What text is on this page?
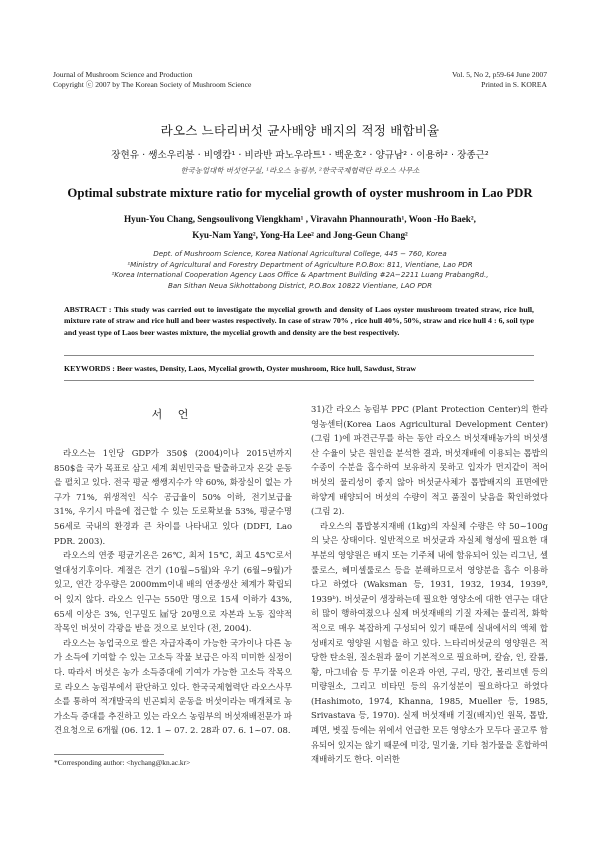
Journal of Mushroom Science and Production
Copyright ⓒ 2007 by The Korean Society of Mushroom Science
Vol. 5, No 2, p59-64 June 2007
Printed in S. KOREA
라오스 느타리버섯 균사배양 배지의 적정 배합비율
장현유 · 쌩소우리봉 · 비엥캄¹ · 비라반 파노우라트¹ · 백운호² · 양규남² · 이용하² · 장종근²
한국농업대학 버섯연구실, ¹라오스 농림부, ²한국국제협력단 라오스 사무소
Optimal substrate mixture ratio for mycelial growth of oyster mushroom in Lao PDR
Hyun-You Chang, Sengsoulivong Viengkham¹ , Viravahn Phannourath¹, Woon -Ho Baek²,
Kyu-Nam Yang², Yong-Ha Lee² and Jong-Geun Chang²
Dept. of Mushroom Science, Korea National Agricultural College, 445 − 760, Korea
¹Ministry of Agricultural and Forestry Department of Agriculture P.O.Box: 811, Vientiane, Lao PDR
²Korea International Cooperation Agency Laos Office & Apartment Building #2A−2211 Luang PrabangRd.,
Ban Sithan Neua Sikhottabong District, P.O.Box 10822 Vientiane, LAO PDR
ABSTRACT : This study was carried out to investigate the mycelial growth and density of Laos oyster mushroom treated straw, rice hull, mixture rate of straw and rice hull and beer wastes respectively. In case of straw 70% , rice hull 40%, 50%, straw and rice hull 4 : 6, soil type and yeast type of Laos beer wastes mixture, the mycelial growth and density are the best respectively.
KEYWORDS : Beer wastes, Density, Laos, Mycelial growth, Oyster mushroom, Rice hull, Sawdust, Straw
서 언

라오스는 1인당 GDP가 350$ (2004)이나 2015년까지 850$을 국가 목표로 삼고 세계 최빈민국을 탈출하고자 온갖 운동을 펼치고 있다. 전국 평균 쌩쌩지수가 약 60%, 화장실이 없는 가구가 71%, 위생적인 식수 공급율이 50% 이하, 전기보급율 31%, 우기시 마을에 접근할 수 있는 도로확보율 53%, 평균수명 56세로 국내의 환경과 큰 차이를 나타내고 있다 (DDFI, Lao PDR. 2003).

라오스의 연중 평균기온은 26℃, 최저 15℃, 최고 45℃로서 열대성기후이다. 계절은 건기 (10월~5월)와 우기 (6월~9월)가 있고, 연간 강우량은 2000mm이내 배의 연중생산 체계가 확립되어 있지 않다. 라오스 인구는 550만 명으로 15세 이하가 43%, 65세 이상은 3%, 인구밀도 ㎢당 20명으로 자본과 노동 집약적 작목인 버섯이 각광을 받을 것으로 보인다 (전, 2004).

라오스는 농업국으로 쌀은 자급자족이 가능한 국가이나 다른 농가 소득에 기여할 수 있는 고소득 작물 보급은 아직 미미한 실정이다. 따라서 버섯은 농가 소득증대에 기여가 가능한 고소득 작목으로 라오스 농림부에서 판단하고 있다. 한국국제협력단 라오스사무소를 통하여 적개발국의 빈곤퇴치 운동을 버섯이라는 매개체로 농가소득 증대를 추진하고 있는 라오스 농림부의 버섯재배전문가 파견요청으로 6개월 (06. 12. 1 ~ 07. 2. 28과 07. 6. 1~07. 08.

31)간 라오스 농림부 PPC (Plant Protection Center)의 한라영농센터(Korea Laos Agricultural Development Center)(그림 1)에 파견근무를 하는 동안 라오스 버섯재배농가의 버섯생산 수율이 낮은 원인을 분석한 결과, 버섯재배에 이용되는 톱밥의 수종이 수분을 흡수하여 보유하지 못하고 입자가 먼지같이 적어 버섯의 물리성이 좋지 않아 버섯균사체가 톱밥배지의 표면에만 하얗게 배양되어 버섯의 수량이 적고 품질이 낮음을 확인하였다 (그림 2).

라오스의 톱밥봉지재배 (1kg)의 자실체 수량은 약 50~100g의 낮은 상태이다. 일반적으로 버섯균과 자실체 형성에 필요한 대부분의 영양원은 배지 또는 기주체 내에 함유되어 있는 리그닌, 셀룰로스, 헤미셀룰로스 등을 분해하므로서 영양분을 흡수 이용하다고 하였다 (Waksman 등, 1931, 1932, 1934, 1939ª, 1939ᵇ). 버섯균이 생장하는데 필요한 영양소에 대한 연구는 대단히 많이 행하여졌으나 실제 버섯재배의 기질 자체는 물리적, 화학적으로 매우 복잡하게 구성되어 있기 때문에 실내에서의 액체 합성배지로 영양원 시험을 하고 있다. 느타리버섯균의 영양원은 적당한 탄소원, 질소원과 물이 기본적으로 필요하며, 칼슘, 인, 칼륨, 황, 마그네슘 등 무기물 이온과 아연, 구리, 망간, 몰리브덴 등의 미량원소, 그리고 비타민 등의 유기성분이 필요하다고 하였다(Hashimoto, 1974, Khanna, 1985, Mueller 등, 1985, Srivastava 등, 1970). 실제 버섯재배 기질(배지)인 원목, 톱밥, 폐면, 볏짚 등에는 위에서 언급한 모든 영양소가 모두다 골고루 함유되어 있지는 않기 때문에 미강, 밀기울, 기타 첨가물을 혼합하여 재배하기도 한다. 이러한

*Corresponding author: <hychang@kn.ac.kr>
